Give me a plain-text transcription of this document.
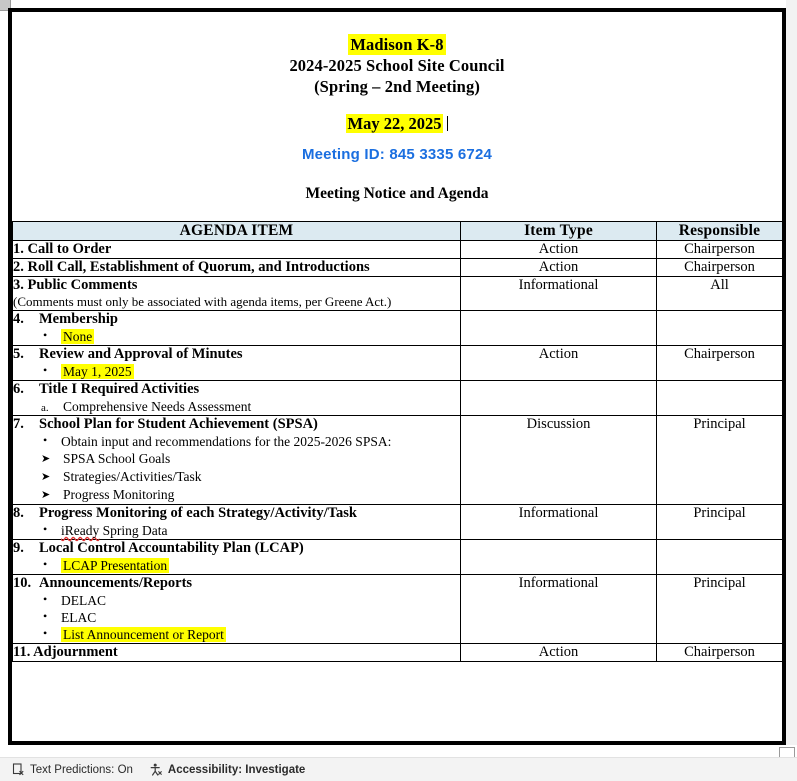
Madison K-8
2024-2025 School Site Council
(Spring – 2nd Meeting)
May 22, 2025
Meeting ID: 845 3335 6724
Meeting Notice and Agenda
AGENDA ITEM	Item Type	Responsible

1. Call to Order	Action	Chairperson

2. Roll Call, Establishment of Quorum, and Introductions	Action	Chairperson

3. Public Comments
(Comments must only be associated with agenda items, per Greene Act.)	Informational	All

4. Membership
• None

5. Review and Approval of Minutes
• May 1, 2025
	Action	Chairperson

6. Title I Required Activities
a. Comprehensive Needs Assessment

7. School Plan for Student Achievement (SPSA)
• Obtain input and recommendations for the 2025-2026 SPSA:
➤ SPSA School Goals
➤ Strategies/Activities/Task
➤ Progress Monitoring
	Discussion	Principal

8. Progress Monitoring of each Strategy/Activity/Task
• iReady Spring Data
	Informational	Principal

9. Local Control Accountability Plan (LCAP)
• LCAP Presentation

10. Announcements/Reports
• DELAC
• ELAC
• List Announcement or Report
	Informational	Principal

11. Adjournment	Action	Chairperson
Text Predictions: On	Accessibility: Investigate
